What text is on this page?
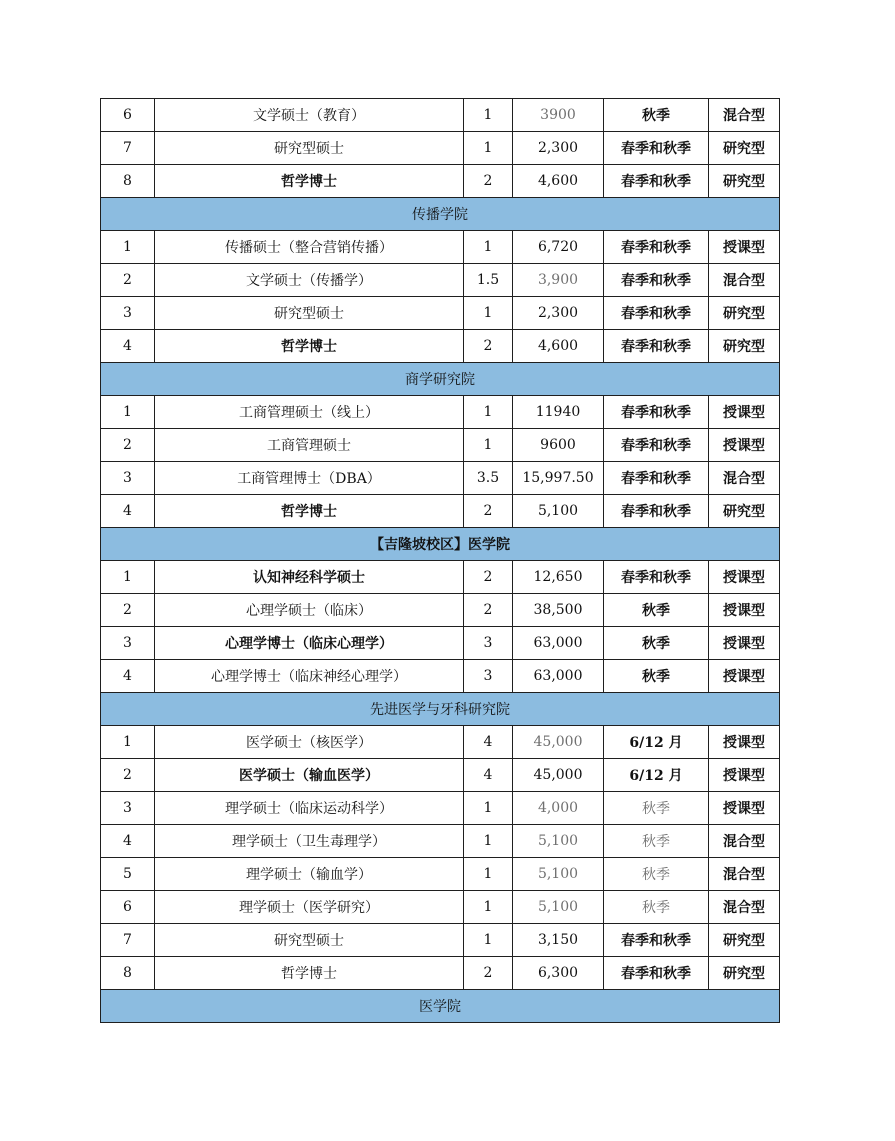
6	文学硕士（教育）	1	3900	秋季	混合型
7	研究型硕士	1	2,300	春季和秋季	研究型
8	哲学博士	2	4,600	春季和秋季	研究型
传播学院					
1	传播硕士（整合营销传播）	1	6,720	春季和秋季	授课型
2	文学硕士（传播学）	1.5	3,900	春季和秋季	混合型
3	研究型硕士	1	2,300	春季和秋季	研究型
4	哲学博士	2	4,600	春季和秋季	研究型
商学研究院					
1	工商管理硕士（线上）	1	11940	春季和秋季	授课型
2	工商管理硕士	1	9600	春季和秋季	授课型
3	工商管理博士（DBA）	3.5	15,997.50	春季和秋季	混合型
4	哲学博士	2	5,100	春季和秋季	研究型
【吉隆坡校区】医学院					
1	认知神经科学硕士	2	12,650	春季和秋季	授课型
2	心理学硕士（临床）	2	38,500	秋季	授课型
3	心理学博士（临床心理学）	3	63,000	秋季	授课型
4	心理学博士（临床神经心理学）	3	63,000	秋季	授课型
先进医学与牙科研究院					
1	医学硕士（核医学）	4	45,000	6/12 月	授课型
2	医学硕士（输血医学）	4	45,000	6/12 月	授课型
3	理学硕士（临床运动科学）	1	4,000	秋季	授课型
4	理学硕士（卫生毒理学）	1	5,100	秋季	混合型
5	理学硕士（输血学）	1	5,100	秋季	混合型
6	理学硕士（医学研究）	1	5,100	秋季	混合型
7	研究型硕士	1	3,150	春季和秋季	研究型
8	哲学博士	2	6,300	春季和秋季	研究型
医学院					
